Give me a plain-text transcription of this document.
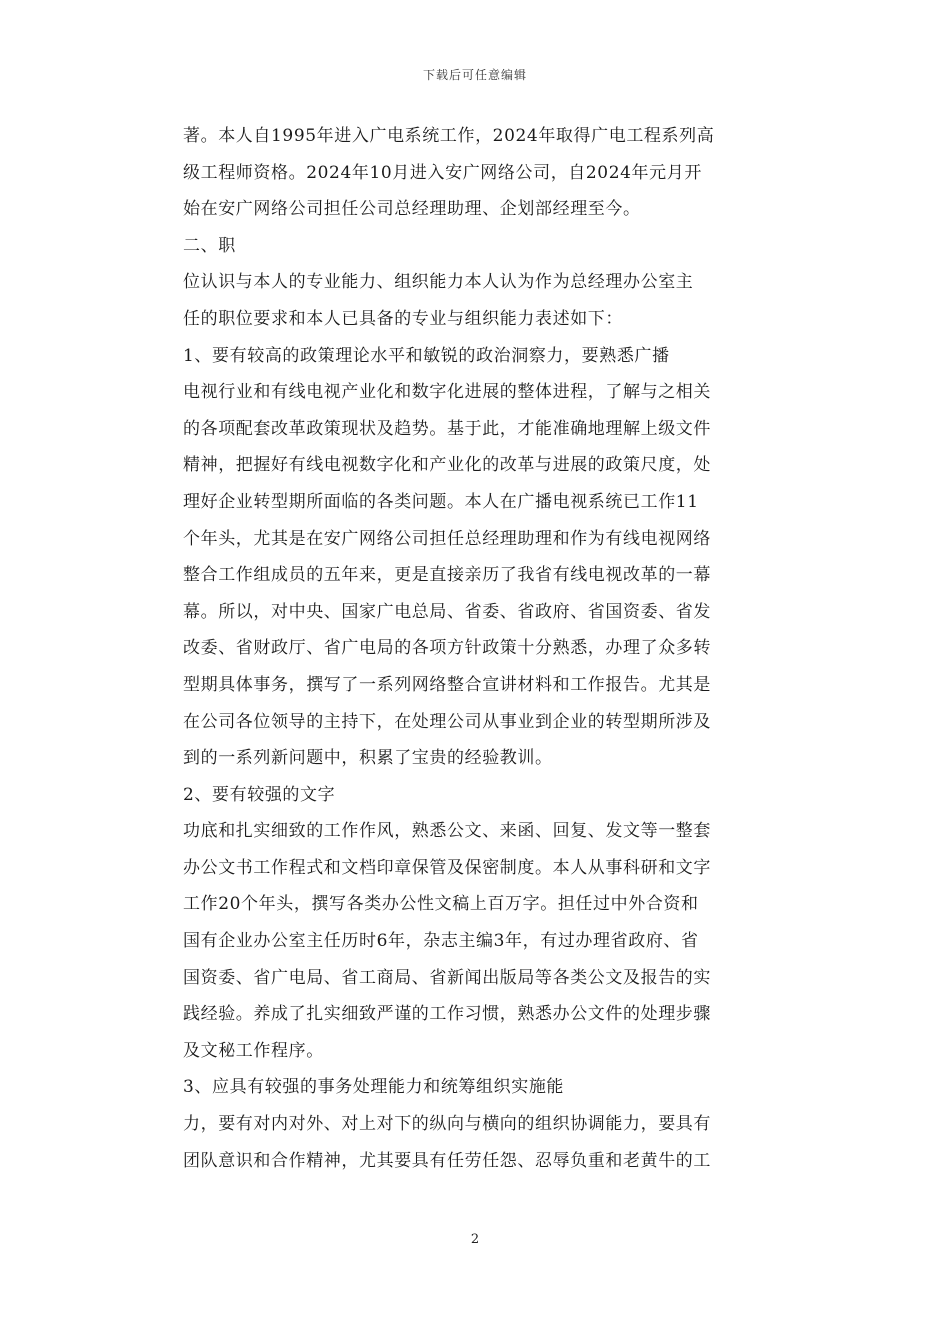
下载后可任意编辑
著。本人自1995年进入广电系统工作，2024年取得广电工程系列高
级工程师资格。2024年10月进入安广网络公司，自2024年元月开
始在安广网络公司担任公司总经理助理、企划部经理至今。
二、职
位认识与本人的专业能力、组织能力本人认为作为总经理办公室主
任的职位要求和本人已具备的专业与组织能力表述如下：
1、要有较高的政策理论水平和敏锐的政治洞察力，要熟悉广播
电视行业和有线电视产业化和数字化进展的整体进程，了解与之相关
的各项配套改革政策现状及趋势。基于此，才能准确地理解上级文件
精神，把握好有线电视数字化和产业化的改革与进展的政策尺度，处
理好企业转型期所面临的各类问题。本人在广播电视系统已工作11
个年头，尤其是在安广网络公司担任总经理助理和作为有线电视网络
整合工作组成员的五年来，更是直接亲历了我省有线电视改革的一幕
幕。所以，对中央、国家广电总局、省委、省政府、省国资委、省发
改委、省财政厅、省广电局的各项方针政策十分熟悉，办理了众多转
型期具体事务，撰写了一系列网络整合宣讲材料和工作报告。尤其是
在公司各位领导的主持下，在处理公司从事业到企业的转型期所涉及
到的一系列新问题中，积累了宝贵的经验教训。
2、要有较强的文字
功底和扎实细致的工作作风，熟悉公文、来函、回复、发文等一整套
办公文书工作程式和文档印章保管及保密制度。本人从事科研和文字
工作20个年头，撰写各类办公性文稿上百万字。担任过中外合资和
国有企业办公室主任历时6年，杂志主编3年，有过办理省政府、省
国资委、省广电局、省工商局、省新闻出版局等各类公文及报告的实
践经验。养成了扎实细致严谨的工作习惯，熟悉办公文件的处理步骤
及文秘工作程序。
3、应具有较强的事务处理能力和统筹组织实施能
力，要有对内对外、对上对下的纵向与横向的组织协调能力，要具有
团队意识和合作精神，尤其要具有任劳任怨、忍辱负重和老黄牛的工
2
